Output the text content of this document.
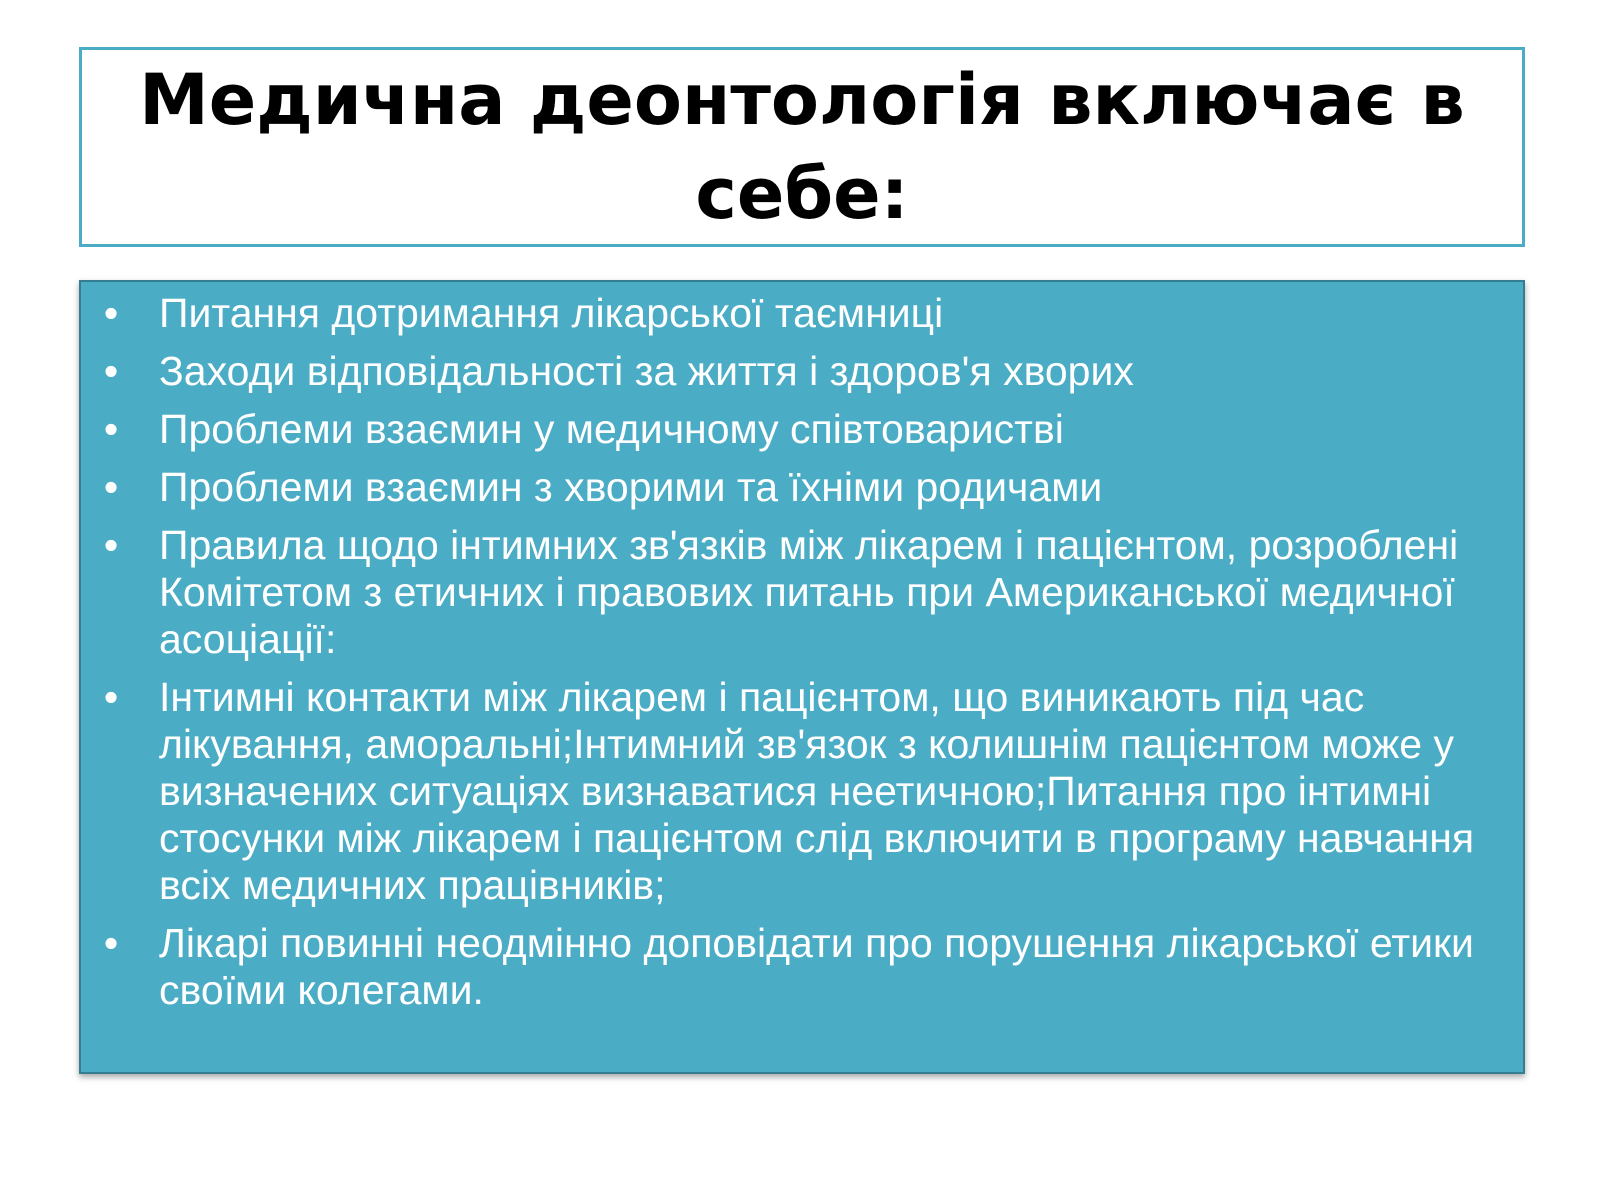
Медична деонтологія включає в себе:
• Питання дотримання лікарської таємниці
• Заходи відповідальності за життя і здоров'я хворих
• Проблеми взаємин у медичному співтоваристві
• Проблеми взаємин з хворими та їхніми родичами
• Правила щодо інтимних зв'язків між лікарем і пацієнтом, розроблені Комітетом з етичних і правових питань при Американської медичної асоціації:
• Інтимні контакти між лікарем і пацієнтом, що виникають під час лікування, аморальні;Інтимний зв'язок з колишнім пацієнтом може у визначених ситуаціях визнаватися неетичною;Питання про інтимні стосунки між лікарем і пацієнтом слід включити в програму навчання всіх медичних працівників;
• Лікарі повинні неодмінно доповідати про порушення лікарської етики своїми колегами.
